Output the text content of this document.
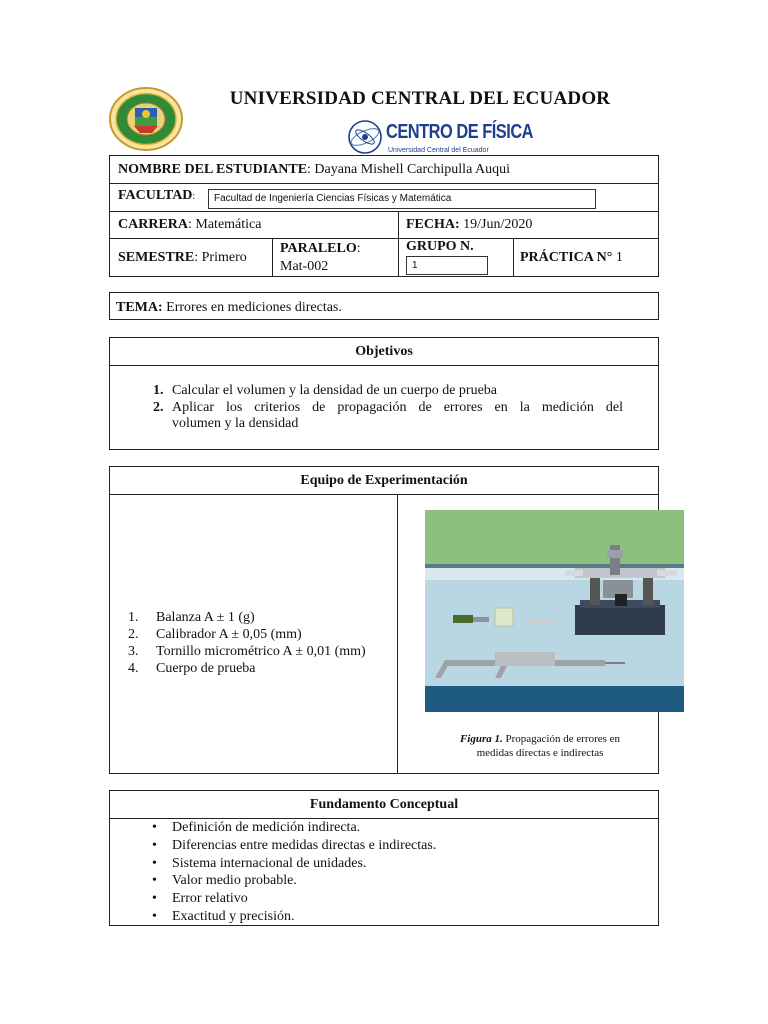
UNIVERSIDAD CENTRAL DEL ECUADOR
CENTRO DE FÍSICA
Universidad Central del Ecuador
NOMBRE DEL ESTUDIANTE: Dayana Mishell Carchipulla Auqui
FACULTAD:	Facultad de Ingeniería Ciencias Físicas y Matemática
CARRERA: Matemática	FECHA: 19/Jun/2020
SEMESTRE: Primero
PARALELO:
Mat-002
GRUPO N.
1
PRÁCTICA N° 1
TEMA: Errores en mediciones directas.
Objetivos
1. Calcular el volumen y la densidad de un cuerpo de prueba
2. Aplicar los criterios de propagación de errores en la medición del
volumen y la densidad
Equipo de Experimentación
1. Balanza A ± 1 (g)
2. Calibrador A ± 0,05 (mm)
3. Tornillo micrométrico A ± 0,01 (mm)
4. Cuerpo de prueba
Figura 1. Propagación de errores en
medidas directas e indirectas
Fundamento Conceptual
• Definición de medición indirecta.
• Diferencias entre medidas directas e indirectas.
• Sistema internacional de unidades.
• Valor medio probable.
• Error relativo
• Exactitud y precisión.
